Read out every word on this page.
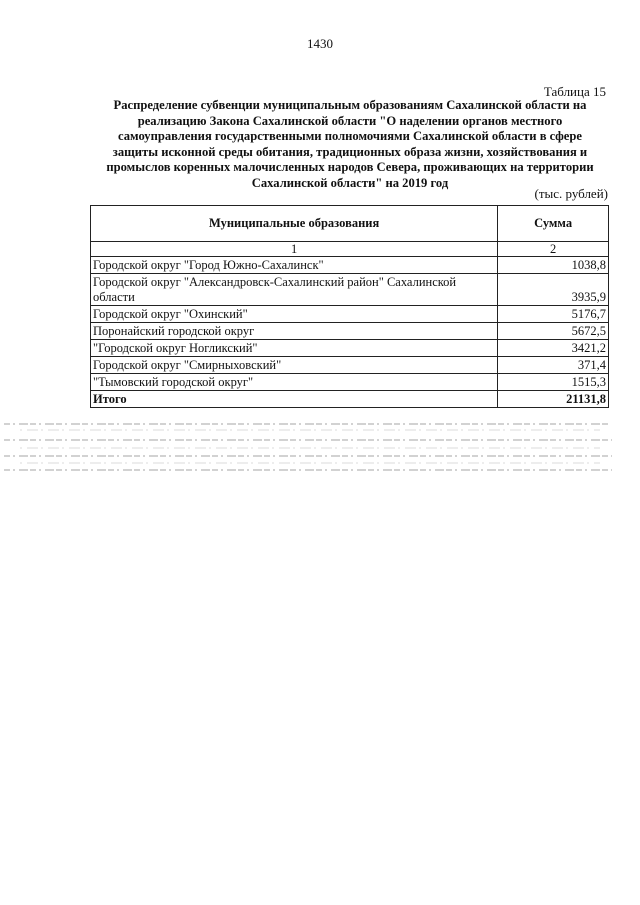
1430
Таблица 15
Распределение субвенции муниципальным образованиям Сахалинской области на
реализацию Закона Сахалинской области "О наделении органов местного
самоуправления государственными полномочиями Сахалинской области в сфере
защиты исконной среды обитания, традиционных образа жизни, хозяйствования и
промыслов коренных малочисленных народов Севера, проживающих на территории
Сахалинской области" на 2019 год
(тыс. рублей)
Муниципальные образования	Сумма
1	2
Городской округ "Город Южно-Сахалинск"	1038,8
Городской округ "Александровск-Сахалинский район" Сахалинской области	3935,9
Городской округ "Охинский"	5176,7
Поронайский городской округ	5672,5
"Городской округ Ногликский"	3421,2
Городской округ "Смирныховский"	371,4
"Тымовский городской округ"	1515,3
Итого	21131,8
